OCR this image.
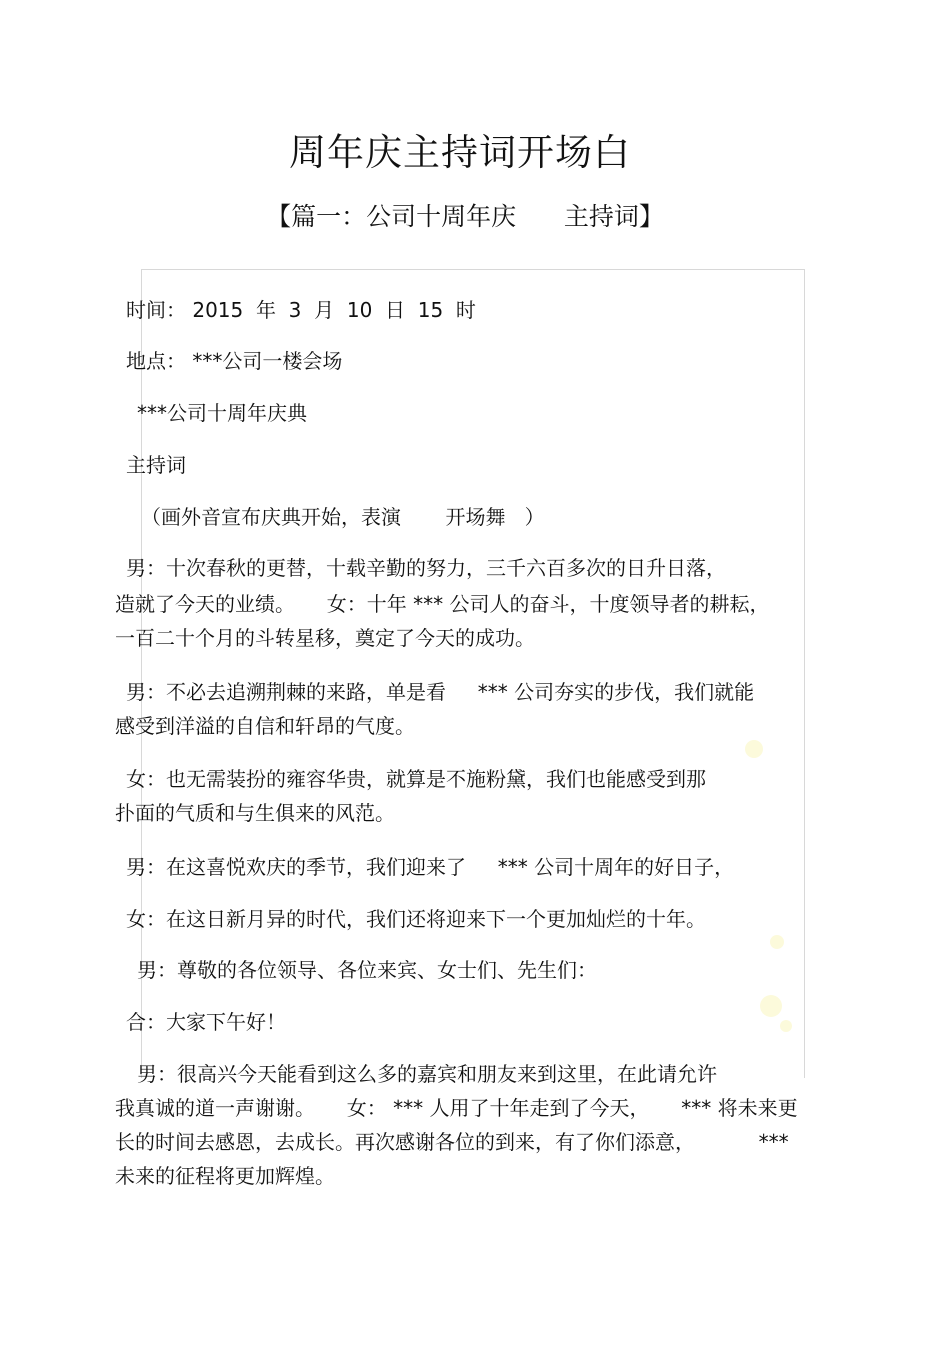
周年庆主持词开场白
【篇一：公司十周年庆      主持词】
时间： 2015  年  3  月  10  日  15  时
地点： ***公司一楼会场
***公司十周年庆典
主持词
（画外音宣布庆典开始，表演       开场舞   ）
男：十次春秋的更替，十载辛勤的努力，三千六百多次的日升日落，
造就了今天的业绩。     女：十年 *** 公司人的奋斗，十度领导者的耕耘，
一百二十个月的斗转星移，奠定了今天的成功。
男：不必去追溯荆棘的来路，单是看     *** 公司夯实的步伐，我们就能
感受到洋溢的自信和轩昂的气度。
女：也无需装扮的雍容华贵，就算是不施粉黛，我们也能感受到那
扑面的气质和与生俱来的风范。
男：在这喜悦欢庆的季节，我们迎来了     *** 公司十周年的好日子，
女：在这日新月异的时代，我们还将迎来下一个更加灿烂的十年。
男：尊敬的各位领导、各位来宾、女士们、先生们：
合：大家下午好！
男：很高兴今天能看到这么多的嘉宾和朋友来到这里，在此请允许
我真诚的道一声谢谢。     女： *** 人用了十年走到了今天，     *** 将未来更
长的时间去感恩，去成长。再次感谢各位的到来，有了你们添意，          ***
未来的征程将更加辉煌。
